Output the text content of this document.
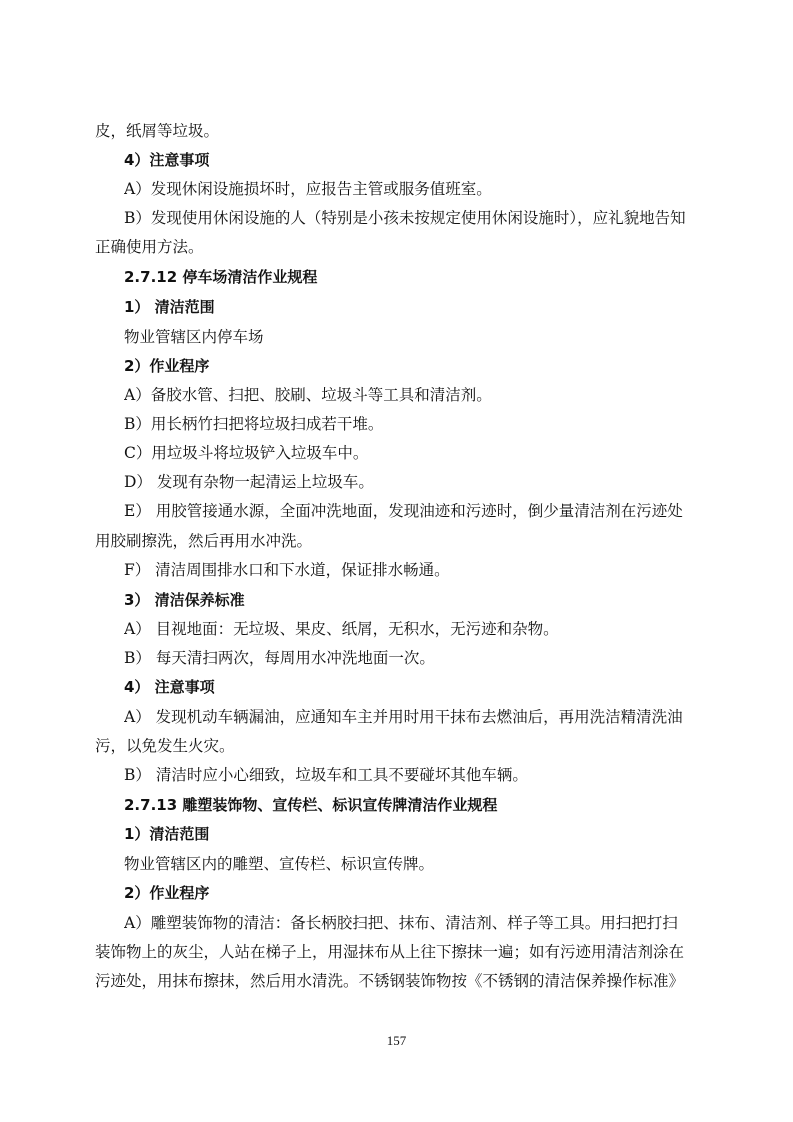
皮，纸屑等垃圾。
4）注意事项
A）发现休闲设施损坏时，应报告主管或服务值班室。
B）发现使用休闲设施的人（特别是小孩未按规定使用休闲设施时），应礼貌地告知
正确使用方法。
2.7.12 停车场清洁作业规程
1） 清洁范围
物业管辖区内停车场
2）作业程序
A）备胶水管、扫把、胶刷、垃圾斗等工具和清洁剂。
B）用长柄竹扫把将垃圾扫成若干堆。
C）用垃圾斗将垃圾铲入垃圾车中。
D） 发现有杂物一起清运上垃圾车。
E） 用胶管接通水源，全面冲洗地面，发现油迹和污迹时，倒少量清洁剂在污迹处
用胶刷擦洗，然后再用水冲洗。
F） 清洁周围排水口和下水道，保证排水畅通。
3） 清洁保养标准
A） 目视地面：无垃圾、果皮、纸屑，无积水，无污迹和杂物。
B） 每天清扫两次，每周用水冲洗地面一次。
4） 注意事项
A） 发现机动车辆漏油，应通知车主并用时用干抹布去燃油后，再用洗洁精清洗油
污，以免发生火灾。
B） 清洁时应小心细致，垃圾车和工具不要碰坏其他车辆。
2.7.13 雕塑装饰物、宣传栏、标识宣传牌清洁作业规程
1）清洁范围
物业管辖区内的雕塑、宣传栏、标识宣传牌。
2）作业程序
A）雕塑装饰物的清洁：备长柄胶扫把、抹布、清洁剂、样子等工具。用扫把打扫
装饰物上的灰尘，人站在梯子上，用湿抹布从上往下擦抹一遍；如有污迹用清洁剂涂在
污迹处，用抹布擦抹，然后用水清洗。不锈钢装饰物按《不锈钢的清洁保养操作标准》
157
